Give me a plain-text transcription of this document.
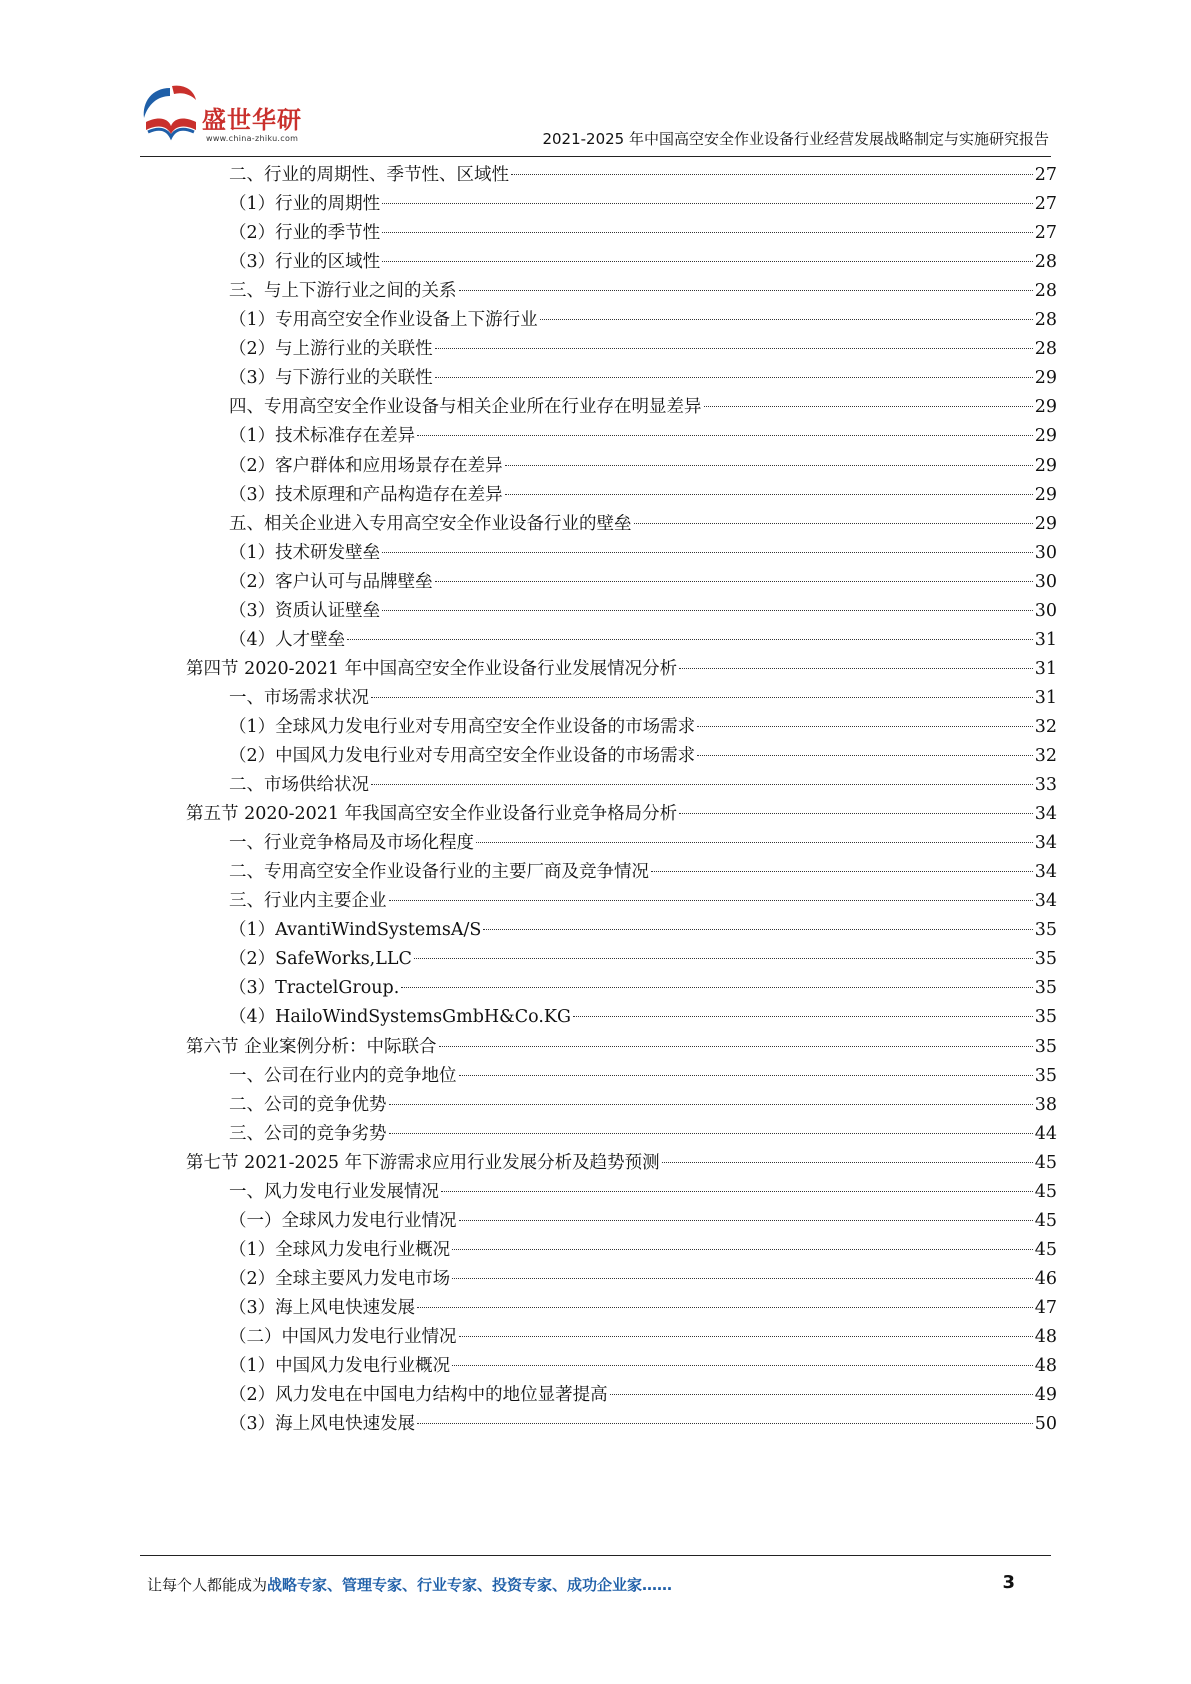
盛世华研
www.china-zhiku.com	2021-2025 年中国高空安全作业设备行业经营发展战略制定与实施研究报告
二、行业的周期性、季节性、区域性	27
（1）行业的周期性	27
（2）行业的季节性	27
（3）行业的区域性	28
三、与上下游行业之间的关系	28
（1）专用高空安全作业设备上下游行业	28
（2）与上游行业的关联性	28
（3）与下游行业的关联性	29
四、专用高空安全作业设备与相关企业所在行业存在明显差异	29
（1）技术标准存在差异	29
（2）客户群体和应用场景存在差异	29
（3）技术原理和产品构造存在差异	29
五、相关企业进入专用高空安全作业设备行业的壁垒	29
（1）技术研发壁垒	30
（2）客户认可与品牌壁垒	30
（3）资质认证壁垒	30
（4）人才壁垒	31
第四节 2020-2021 年中国高空安全作业设备行业发展情况分析	31
一、市场需求状况	31
（1）全球风力发电行业对专用高空安全作业设备的市场需求	32
（2）中国风力发电行业对专用高空安全作业设备的市场需求	32
二、市场供给状况	33
第五节 2020-2021 年我国高空安全作业设备行业竞争格局分析	34
一、行业竞争格局及市场化程度	34
二、专用高空安全作业设备行业的主要厂商及竞争情况	34
三、行业内主要企业	34
（1）AvantiWindSystemsA/S	35
（2）SafeWorks,LLC	35
（3）TractelGroup.	35
（4）HailoWindSystemsGmbH&Co.KG	35
第六节 企业案例分析：中际联合	35
一、公司在行业内的竞争地位	35
二、公司的竞争优势	38
三、公司的竞争劣势	44
第七节 2021-2025 年下游需求应用行业发展分析及趋势预测	45
一、风力发电行业发展情况	45
（一）全球风力发电行业情况	45
（1）全球风力发电行业概况	45
（2）全球主要风力发电市场	46
（3）海上风电快速发展	47
（二）中国风力发电行业情况	48
（1）中国风力发电行业概况	48
（2）风力发电在中国电力结构中的地位显著提高	49
（3）海上风电快速发展	50
让每个人都能成为战略专家、管理专家、行业专家、投资专家、成功企业家……	3
